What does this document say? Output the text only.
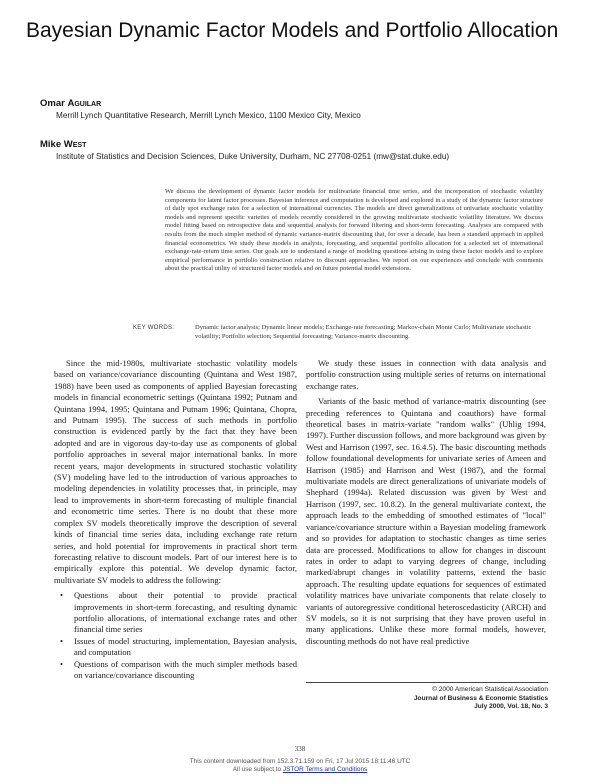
Bayesian Dynamic Factor Models and Portfolio Allocation
Omar Aguilar
Merrill Lynch Quantitative Research, Merrill Lynch Mexico, 1100 Mexico City, Mexico
Mike West
Institute of Statistics and Decision Sciences, Duke University, Durham, NC 27708-0251 (mw@stat.duke.edu)

We discuss the development of dynamic factor models for multivariate financial time series, and the incorporation of stochastic volatility components for latent factor processes. Bayesian inference and computation is developed and explored in a study of the dynamic factor structure of daily spot exchange rates for a selection of international currencies. The models are direct generalizations of univariate stochastic volatility models and represent specific varieties of models recently considered in the growing multivariate stochastic volatility literature. We discuss model fitting based on retrospective data and sequential analysis for forward filtering and short-term forecasting. Analyses are compared with results from the much simpler method of dynamic variance-matrix discounting that, for over a decade, has been a standard approach in applied financial econometrics. We study these models in analysis, forecasting, and sequential portfolio allocation for a selected set of international exchange-rate-return time series. Our goals are to understand a range of modeling questions arising in using these factor models and to explore empirical performance in portfolio construction relative to discount approaches. We report on our experiences and conclude with comments about the practical utility of structured factor models and on future potential model extensions.

KEY WORDS:	Dynamic factor analysis; Dynamic linear models; Exchange-rate forecasting; Markov-chain Monte Carlo; Multivariate stochastic volatility; Portfolio selection; Sequential forecasting; Variance-matrix discounting.

Since the mid-1980s, multivariate stochastic volatility models based on variance/covariance discounting (Quintana and West 1987, 1988) have been used as components of applied Bayesian forecasting models in financial econometric settings (Quintana 1992; Putnam and Quintana 1994, 1995; Quintana and Putnam 1996; Quintana, Chopra, and Putnam 1995). The success of such methods in portfolio construction is evidenced partly by the fact that they have been adopted and are in vigorous day-to-day use as components of global portfolio approaches in several major international banks. In more recent years, major developments in structured stochastic volatility (SV) modeling have led to the introduction of various approaches to modeling dependencies in volatility processes that, in principle, may lead to improvements in short-term forecasting of multiple financial and econometric time series. There is no doubt that these more complex SV models theoretically improve the description of several kinds of financial time series data, including exchange rate return series, and hold potential for improvements in practical short term forecasting relative to discount models. Part of our interest here is to empirically explore this potential. We develop dynamic factor, multivariate SV models to address the following:

• Questions about their potential to provide practical improvements in short-term forecasting, and resulting dynamic portfolio allocations, of international exchange rates and other financial time series
• Issues of model structuring, implementation, Bayesian analysis, and computation
• Questions of comparison with the much simpler methods based on variance/covariance discounting

We study these issues in connection with data analysis and portfolio construction using multiple series of returns on international exchange rates.

Variants of the basic method of variance-matrix discounting (see preceding references to Quintana and coauthors) have formal theoretical bases in matrix-variate "random walks" (Uhlig 1994, 1997). Further discussion follows, and more background was given by West and Harrison (1997, sec. 16.4.5). The basic discounting methods follow foundational developments for univariate series of Ameen and Harrison (1985) and Harrison and West (1987), and the formal multivariate models are direct generalizations of univariate models of Shephard (1994a). Related discussion was given by West and Harrison (1997, sec. 10.8.2). In the general multivariate context, the approach leads to the embedding of smoothed estimates of "local" variance/covariance structure within a Bayesian modeling framework and so provides for adaptation to stochastic changes as time series data are processed. Modifications to allow for changes in discount rates in order to adapt to varying degrees of change, including marked/abrupt changes in volatility patterns, extend the basic approach. The resulting update equations for sequences of estimated volatility matrices have univariate components that relate closely to variants of autoregressive conditional heteroscedasticity (ARCH) and SV models, so it is not surprising that they have proven useful in many applications. Unlike these more formal models, however, discounting methods do not have real predictive

© 2000 American Statistical Association
Journal of Business & Economic Statistics
July 2000, Vol. 18, No. 3
338
This content downloaded from 152.3.71.159 on Fri, 17 Jul 2015 18:11:46 UTC
All use subject to JSTOR Terms and Conditions
